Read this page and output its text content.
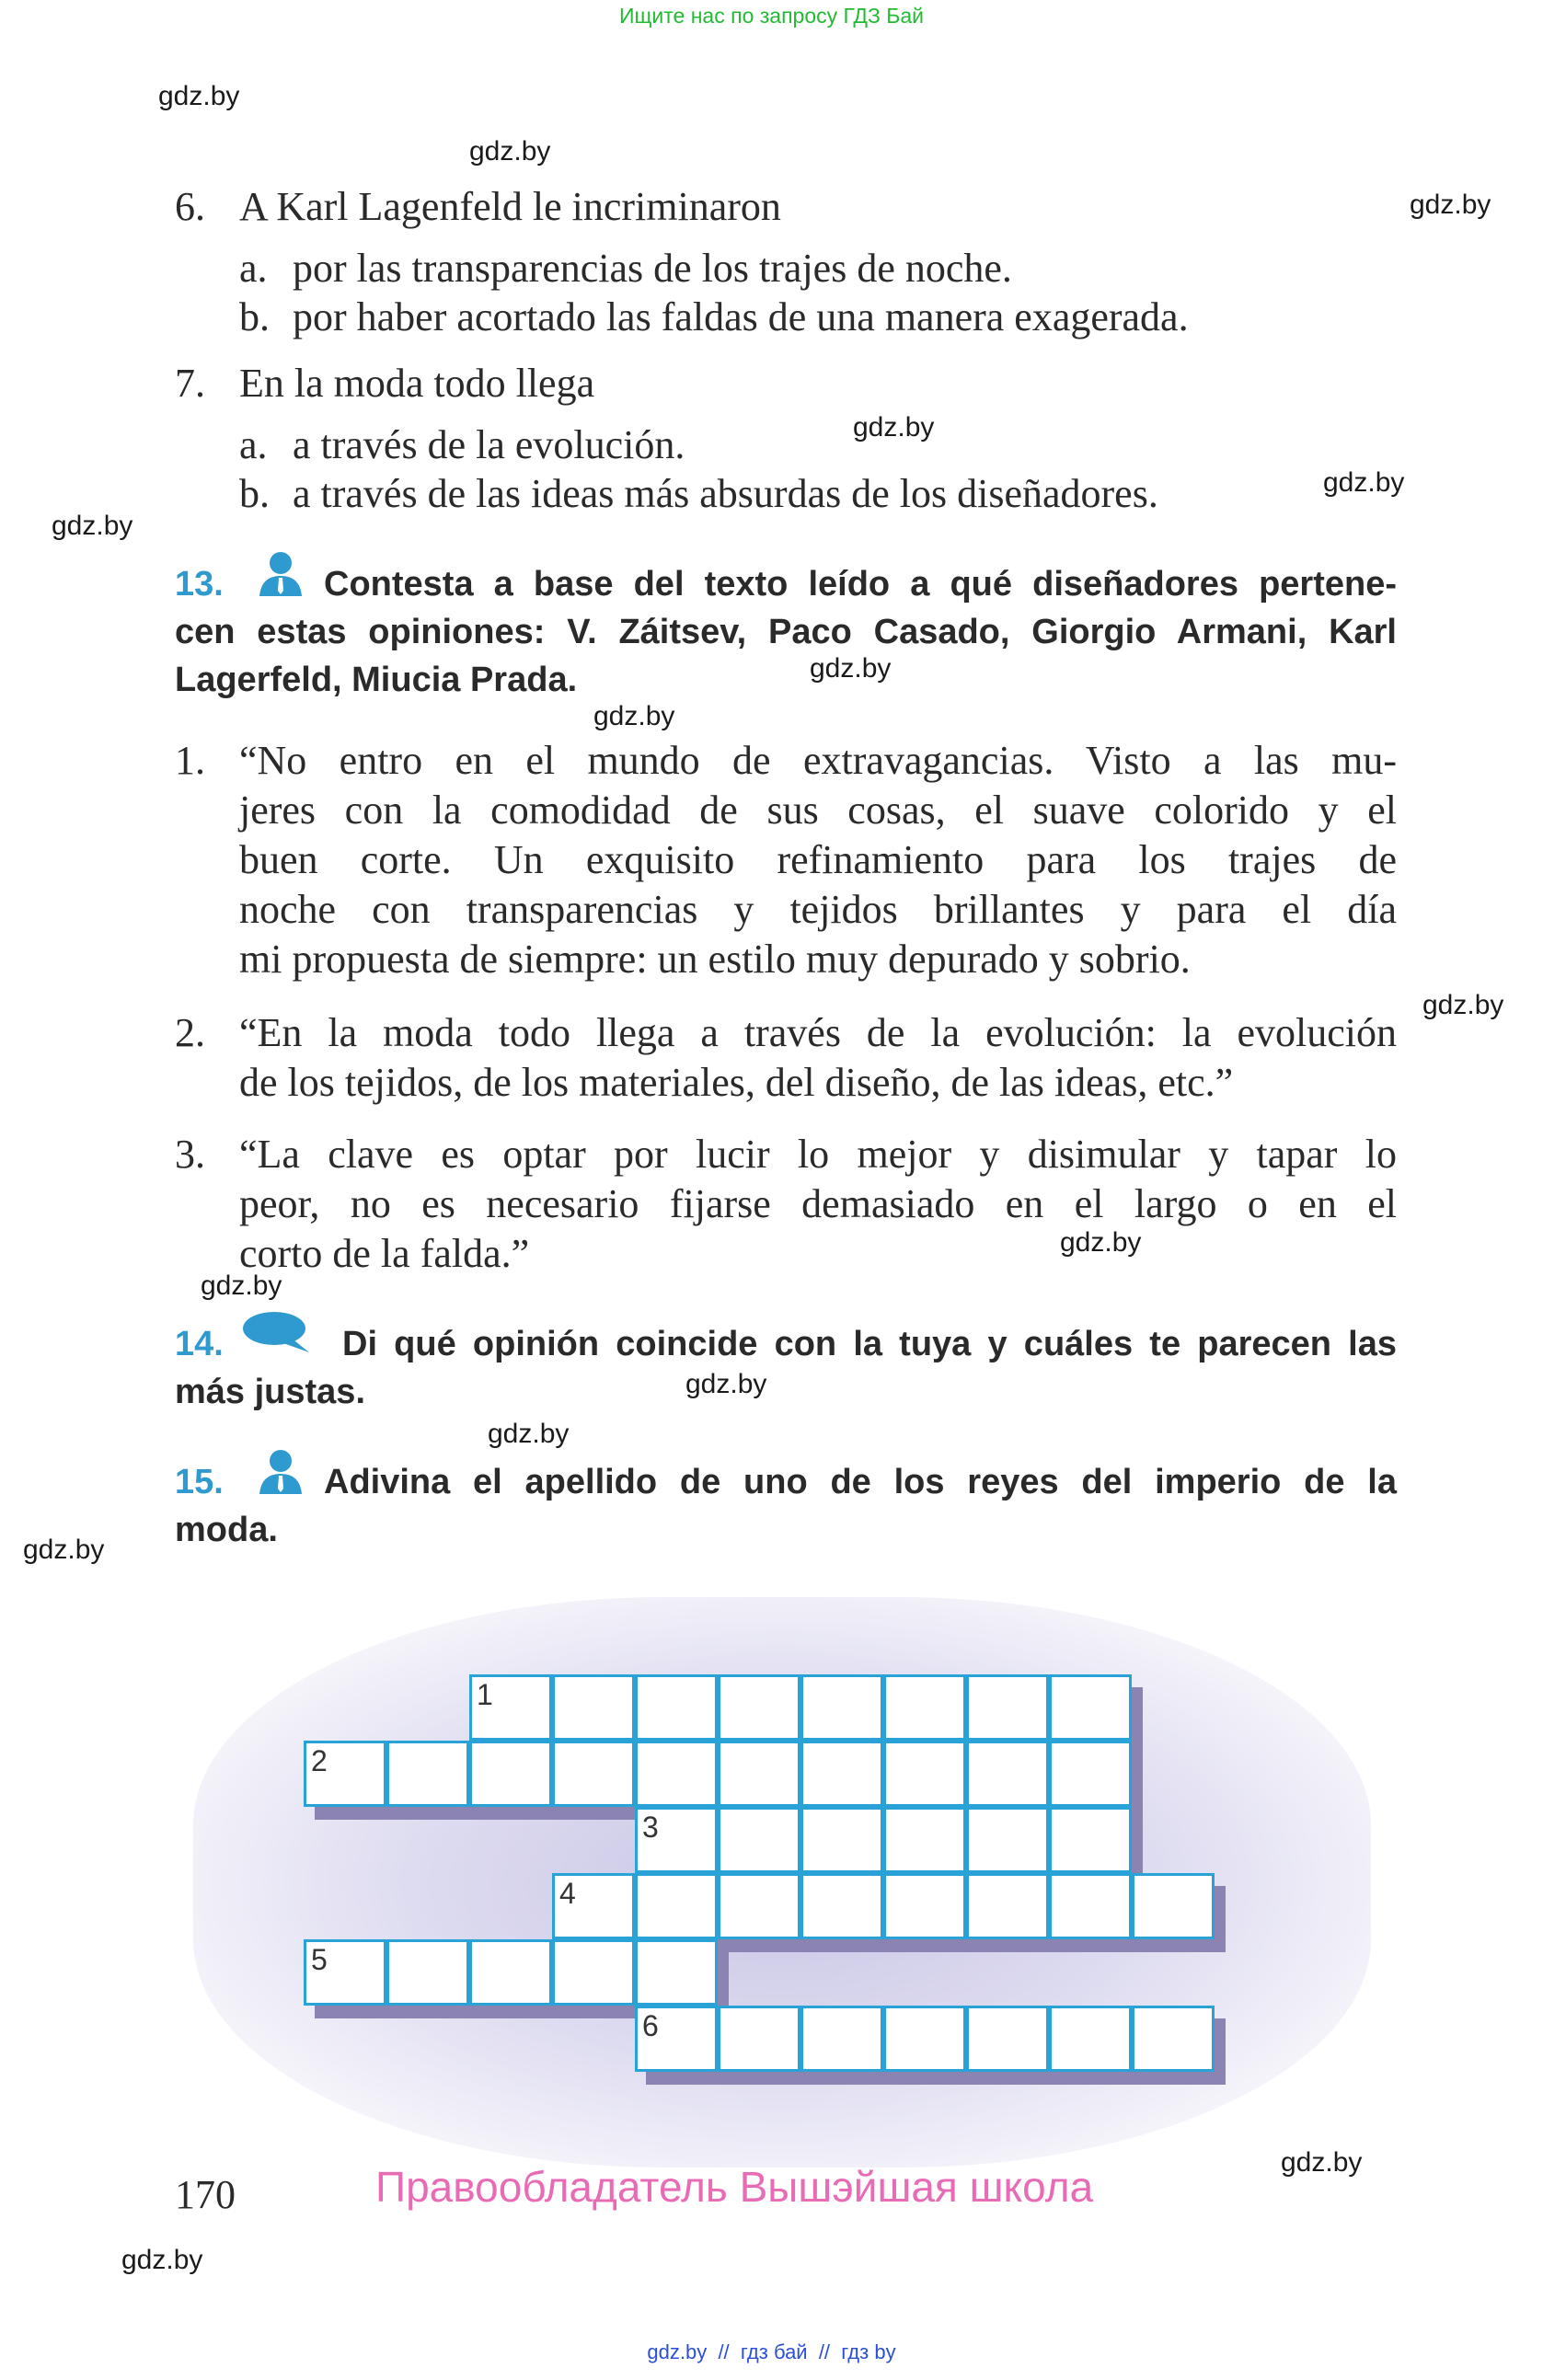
Ищите нас по запросу ГДЗ Бай
gdz.by
gdz.by
gdz.by
gdz.by
gdz.by
gdz.by
gdz.by
gdz.by
gdz.by
gdz.by
gdz.by
gdz.by
gdz.by
gdz.by
gdz.by
gdz.by
6. A Karl Lagenfeld le incriminaron
a. por las transparencias de los trajes de noche.
b. por haber acortado las faldas de una manera exagerada.
7. En la moda todo llega
a. a través de la evolución.
b. a través de las ideas más absurdas de los diseñadores.
13.	Contesta a base del texto leído a qué diseñadores pertene-
cen estas opiniones: V. Záitsev, Paco Casado, Giorgio Armani, Karl
Lagerfeld, Miucia Prada.
1. “No entro en el mundo de extravagancias. Visto a las mu-
jeres con la comodidad de sus cosas, el suave colorido y el
buen corte. Un exquisito refinamiento para los trajes de
noche con transparencias y tejidos brillantes y para el día
mi propuesta de siempre: un estilo muy depurado y sobrio.
2. “En la moda todo llega a través de la evolución: la evolución
de los tejidos, de los materiales, del diseño, de las ideas, etc.”
3. “La clave es optar por lucir lo mejor y disimular y tapar lo
peor, no es necesario fijarse demasiado en el largo o en el
corto de la falda.”
14.	Di qué opinión coincide con la tuya y cuáles te parecen las
más justas.
15.	Adivina el apellido de uno de los reyes del imperio de la
moda.
1
2
3
4
5
6
170	Правообладатель Вышэйшая школа
gdz.by  //  гдз бай  //  гдз by
